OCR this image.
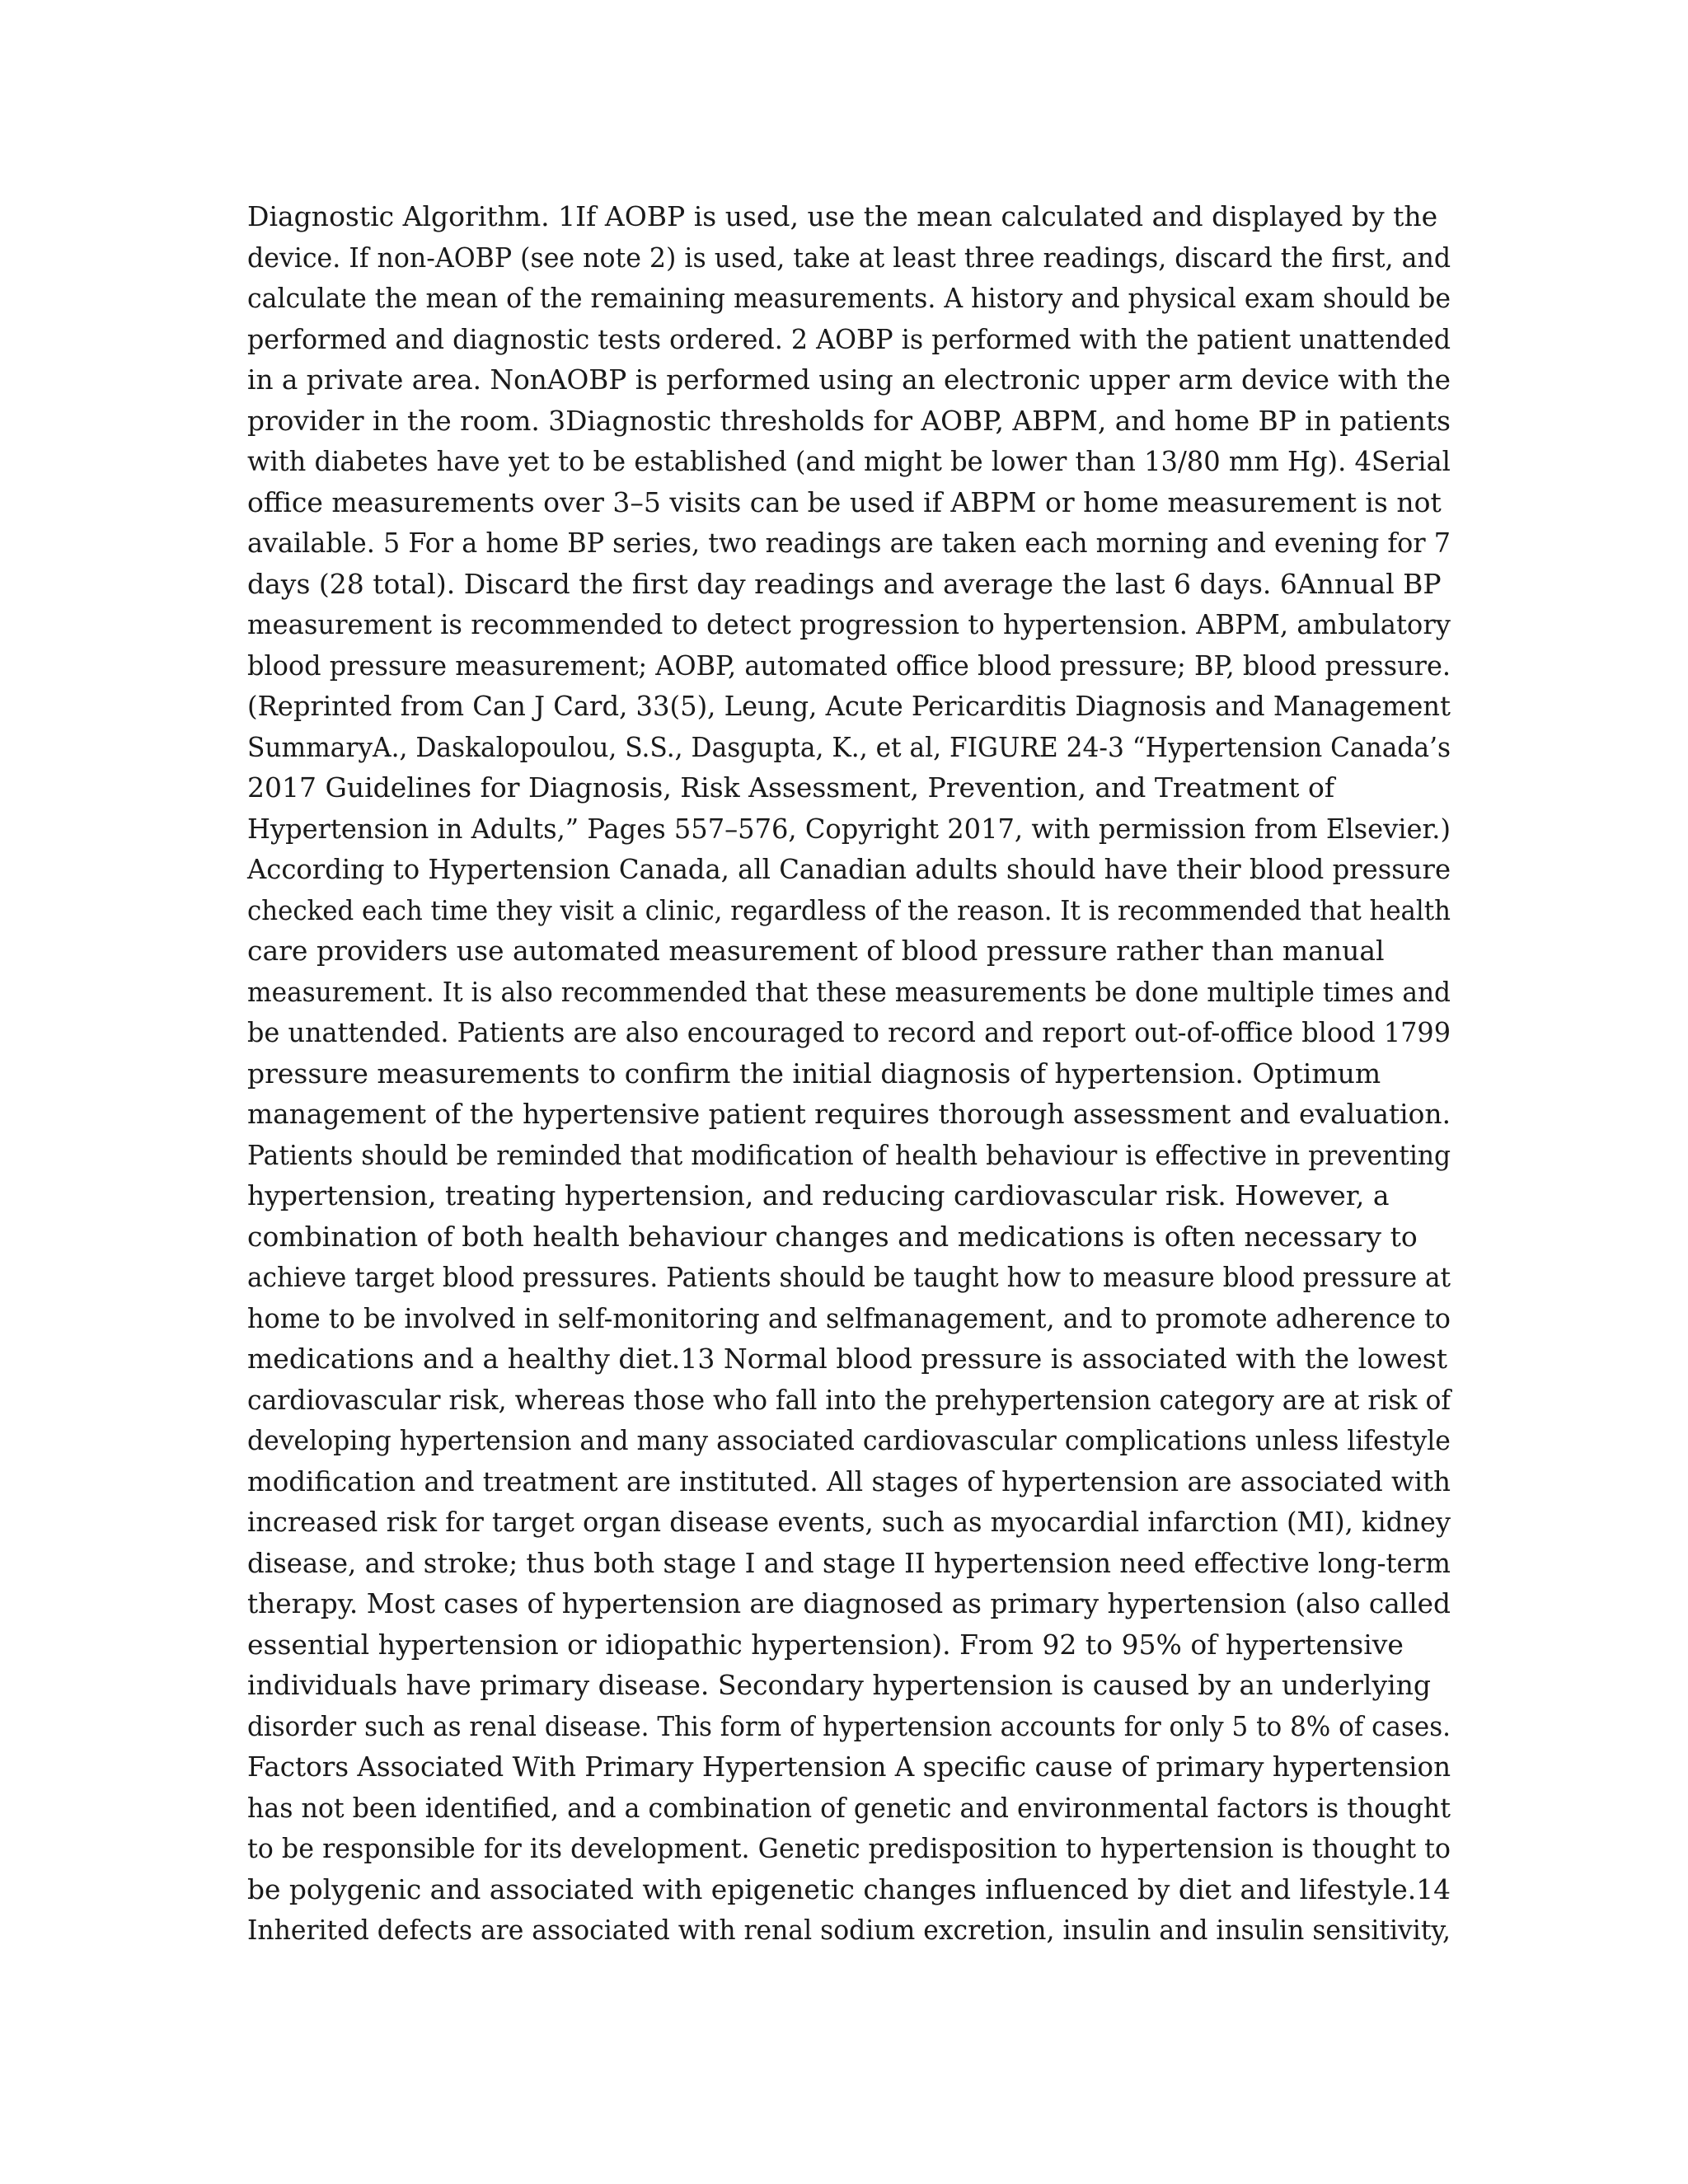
Diagnostic Algorithm. 1If AOBP is used, use the mean calculated and displayed by the
device. If non-AOBP (see note 2) is used, take at least three readings, discard the first, and
calculate the mean of the remaining measurements. A history and physical exam should be
performed and diagnostic tests ordered. 2 AOBP is performed with the patient unattended
in a private area. NonAOBP is performed using an electronic upper arm device with the
provider in the room. 3Diagnostic thresholds for AOBP, ABPM, and home BP in patients
with diabetes have yet to be established (and might be lower than 13/80 mm Hg). 4Serial
office measurements over 3–5 visits can be used if ABPM or home measurement is not
available. 5 For a home BP series, two readings are taken each morning and evening for 7
days (28 total). Discard the first day readings and average the last 6 days. 6Annual BP
measurement is recommended to detect progression to hypertension. ABPM, ambulatory
blood pressure measurement; AOBP, automated office blood pressure; BP, blood pressure.
(Reprinted from Can J Card, 33(5), Leung, Acute Pericarditis Diagnosis and Management
SummaryA., Daskalopoulou, S.S., Dasgupta, K., et al, FIGURE 24-3 “Hypertension Canada’s
2017 Guidelines for Diagnosis, Risk Assessment, Prevention, and Treatment of
Hypertension in Adults,” Pages 557–576, Copyright 2017, with permission from Elsevier.)
According to Hypertension Canada, all Canadian adults should have their blood pressure
checked each time they visit a clinic, regardless of the reason. It is recommended that health
care providers use automated measurement of blood pressure rather than manual
measurement. It is also recommended that these measurements be done multiple times and
be unattended. Patients are also encouraged to record and report out-of-office blood 1799
pressure measurements to confirm the initial diagnosis of hypertension. Optimum
management of the hypertensive patient requires thorough assessment and evaluation.
Patients should be reminded that modification of health behaviour is effective in preventing
hypertension, treating hypertension, and reducing cardiovascular risk. However, a
combination of both health behaviour changes and medications is often necessary to
achieve target blood pressures. Patients should be taught how to measure blood pressure at
home to be involved in self-monitoring and selfmanagement, and to promote adherence to
medications and a healthy diet.13 Normal blood pressure is associated with the lowest
cardiovascular risk, whereas those who fall into the prehypertension category are at risk of
developing hypertension and many associated cardiovascular complications unless lifestyle
modification and treatment are instituted. All stages of hypertension are associated with
increased risk for target organ disease events, such as myocardial infarction (MI), kidney
disease, and stroke; thus both stage I and stage II hypertension need effective long-term
therapy. Most cases of hypertension are diagnosed as primary hypertension (also called
essential hypertension or idiopathic hypertension). From 92 to 95% of hypertensive
individuals have primary disease. Secondary hypertension is caused by an underlying
disorder such as renal disease. This form of hypertension accounts for only 5 to 8% of cases.
Factors Associated With Primary Hypertension A specific cause of primary hypertension
has not been identified, and a combination of genetic and environmental factors is thought
to be responsible for its development. Genetic predisposition to hypertension is thought to
be polygenic and associated with epigenetic changes influenced by diet and lifestyle.14
Inherited defects are associated with renal sodium excretion, insulin and insulin sensitivity,
